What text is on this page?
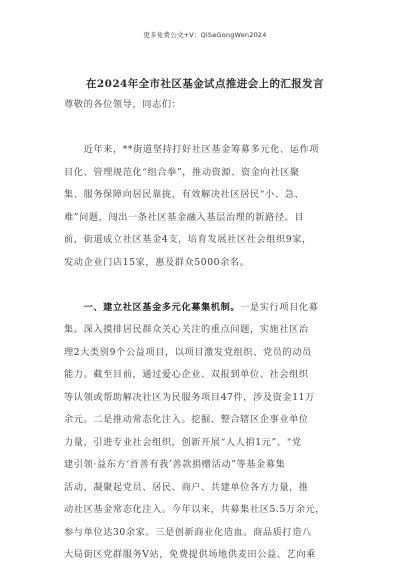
更多免费公文+V：QiSeGongWen2024
在2024年全市社区基金试点推进会上的汇报发言
尊敬的各位领导，同志们：
　　近年来，**街道坚持打好社区基金筹募多元化、运作项
目化、管理规范化“组合拳”，推动资源、资金向社区聚
集、服务保障向居民靠拢，有效解决社区居民“小、急、
难”问题，闯出一条社区基金融入基层治理的新路径。目
前，街道成立社区基金4支，培育发展社区社会组织9家，
发动企业门店15家，惠及群众5000余名。
　　一、建立社区基金多元化募集机制。一是实行项目化募
集。深入摸排居民群众关心关注的重点问题，实施社区治
理2大类别9个公益项目，以项目激发党组织、党员的动员
能力。截至目前，通过爱心企业、双报到单位、社会组织
等认领或帮助解决社区为民服务项目47件，涉及资金11万
余元。二是推动常态化注入。挖掘、整合辖区企事业单位
力量，引进专业社会组织，创新开展“人人捐1元”、“党
建引领·益东方‘首善有我’善款捐赠活动”等基金募集
活动，凝聚起党员、居民、商户、共建单位各方力量，推
动社区基金常态化注入。今年以来，共募集社区5.5万余元，
参与单位达30余家。三是创新商业化造血。商品质打造八
大局街区党群服务V站，免费提供场地供麦田公益、艺向乘
